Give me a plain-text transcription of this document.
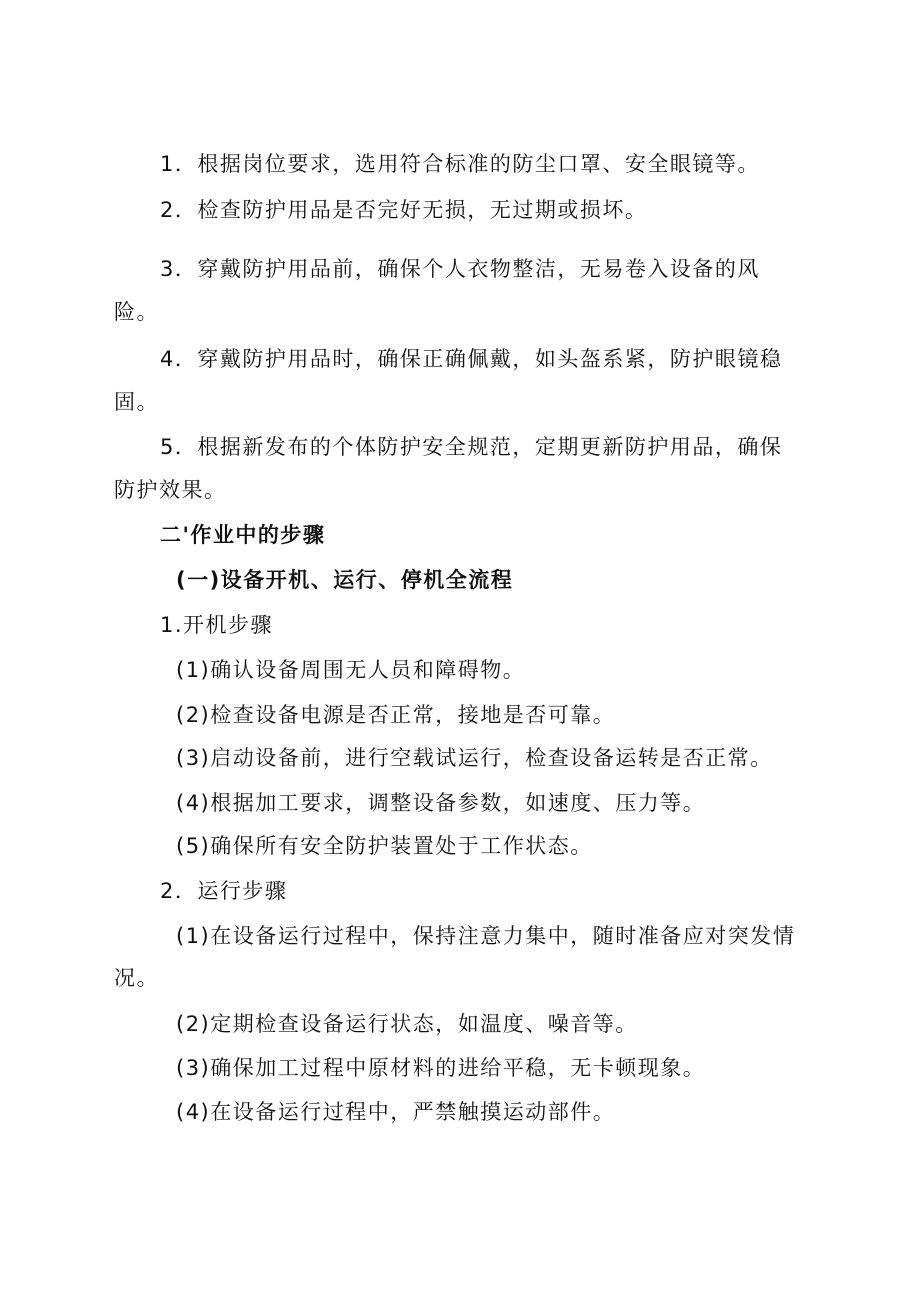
1．根据岗位要求，选用符合标准的防尘口罩、安全眼镜等。

2．检查防护用品是否完好无损，无过期或损坏。

3．穿戴防护用品前，确保个人衣物整洁，无易卷入设备的风

险。

4．穿戴防护用品时，确保正确佩戴，如头盔系紧，防护眼镜稳

固。

5．根据新发布的个体防护安全规范，定期更新防护用品，确保

防护效果。

二'作业中的步骤

(一)设备开机、运行、停机全流程

1.开机步骤

(1)确认设备周围无人员和障碍物。

(2)检查设备电源是否正常，接地是否可靠。

(3)启动设备前，进行空载试运行，检查设备运转是否正常。

(4)根据加工要求，调整设备参数，如速度、压力等。

(5)确保所有安全防护装置处于工作状态。

2．运行步骤

(1)在设备运行过程中，保持注意力集中，随时准备应对突发情

况。

(2)定期检查设备运行状态，如温度、噪音等。

(3)确保加工过程中原材料的进给平稳，无卡顿现象。

(4)在设备运行过程中，严禁触摸运动部件。
